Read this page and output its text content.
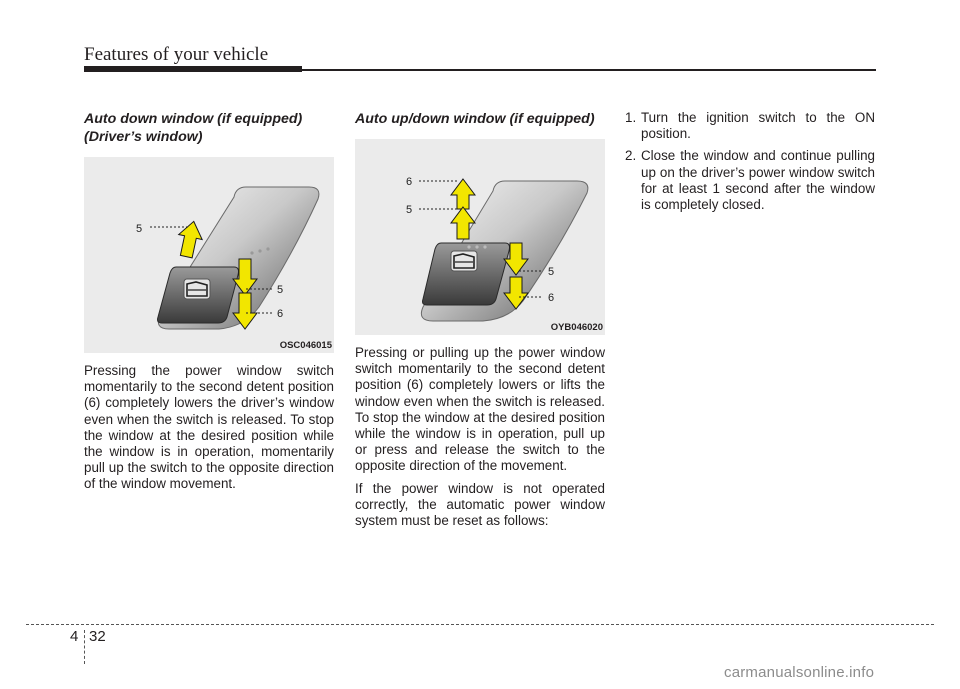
Features of your vehicle
Auto down window (if equipped)
(Driver’s window)
5
5
6
OSC046015

Pressing the power window switch momentarily to the second detent position (6) completely lowers the driver’s window even when the switch is released. To stop the window at the desired position while the window is in operation, momentarily pull up the switch to the opposite direction of the window movement.

Auto up/down window (if equipped)
6
5
5
6
OYB046020

Pressing or pulling up the power window switch momentarily to the second detent position (6) completely lowers or lifts the window even when the switch is released. To stop the window at the desired position while the window is in operation, pull up or press and release the switch to the opposite direction of the movement.

If the power window is not operated correctly, the automatic power window system must be reset as follows:

1. Turn the ignition switch to the ON position.
2. Close the window and continue pulling up on the driver’s power window switch for at least 1 second after the window is completely closed.
4 32
carmanualsonline.info
